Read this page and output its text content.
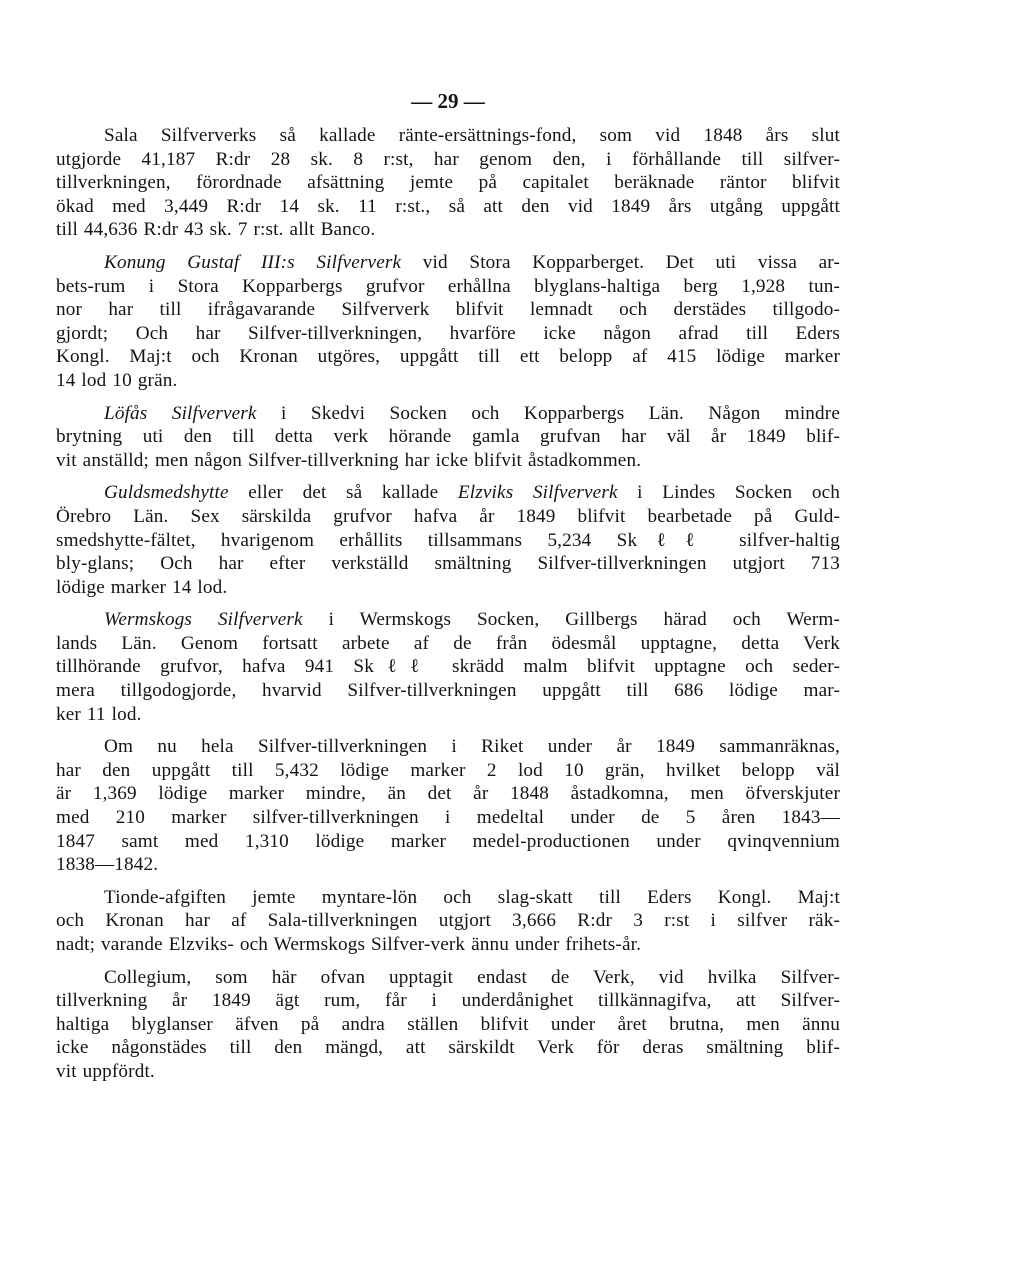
— 29 —
Sala Silfververks så kallade ränte-ersättnings-fond, som vid 1848 års slut
utgjorde 41,187 R:dr 28 sk. 8 r:st, har genom den, i förhållande till silfver-
tillverkningen, förordnade afsättning jemte på capitalet beräknade räntor blifvit
ökad med 3,449 R:dr 14 sk. 11 r:st., så att den vid 1849 års utgång uppgått
till 44,636 R:dr 43 sk. 7 r:st. allt Banco.
Konung Gustaf III:s Silfververk vid Stora Kopparberget. Det uti vissa ar-
bets-rum i Stora Kopparbergs grufvor erhållna blyglans-haltiga berg 1,928 tun-
nor har till ifrågavarande Silfververk blifvit lemnadt och derstädes tillgodo-
gjordt; Och har Silfver-tillverkningen, hvarföre icke någon afrad till Eders
Kongl. Maj:t och Kronan utgöres, uppgått till ett belopp af 415 lödige marker
14 lod 10 grän.
Löfås Silfververk i Skedvi Socken och Kopparbergs Län. Någon mindre
brytning uti den till detta verk hörande gamla grufvan har väl år 1849 blif-
vit anställd; men någon Silfver-tillverkning har icke blifvit åstadkommen.
Guldsmedshytte eller det så kallade Elzviks Silfververk i Lindes Socken och
Örebro Län. Sex särskilda grufvor hafva år 1849 blifvit bearbetade på Guld-
smedshytte-fältet, hvarigenom erhållits tillsammans 5,234 Skℓℓ silfver-haltig
bly-glans; Och har efter verkställd smältning Silfver-tillverkningen utgjort 713
lödige marker 14 lod.
Wermskogs Silfververk i Wermskogs Socken, Gillbergs härad och Werm-
lands Län. Genom fortsatt arbete af de från ödesmål upptagne, detta Verk
tillhörande grufvor, hafva 941 Skℓℓ skrädd malm blifvit upptagne och seder-
mera tillgodogjorde, hvarvid Silfver-tillverkningen uppgått till 686 lödige mar-
ker 11 lod.
Om nu hela Silfver-tillverkningen i Riket under år 1849 sammanräknas,
har den uppgått till 5,432 lödige marker 2 lod 10 grän, hvilket belopp väl
är 1,369 lödige marker mindre, än det år 1848 åstadkomna, men öfverskjuter
med 210 marker silfver-tillverkningen i medeltal under de 5 åren 1843—
1847 samt med 1,310 lödige marker medel-productionen under qvinqvennium
1838—1842.
Tionde-afgiften jemte myntare-lön och slag-skatt till Eders Kongl. Maj:t
och Kronan har af Sala-tillverkningen utgjort 3,666 R:dr 3 r:st i silfver räk-
nadt; varande Elzviks- och Wermskogs Silfver-verk ännu under frihets-år.
Collegium, som här ofvan upptagit endast de Verk, vid hvilka Silfver-
tillverkning år 1849 ägt rum, får i underdånighet tillkännagifva, att Silfver-
haltiga blyglanser äfven på andra ställen blifvit under året brutna, men ännu
icke någonstädes till den mängd, att särskildt Verk för deras smältning blif-
vit uppfördt.
